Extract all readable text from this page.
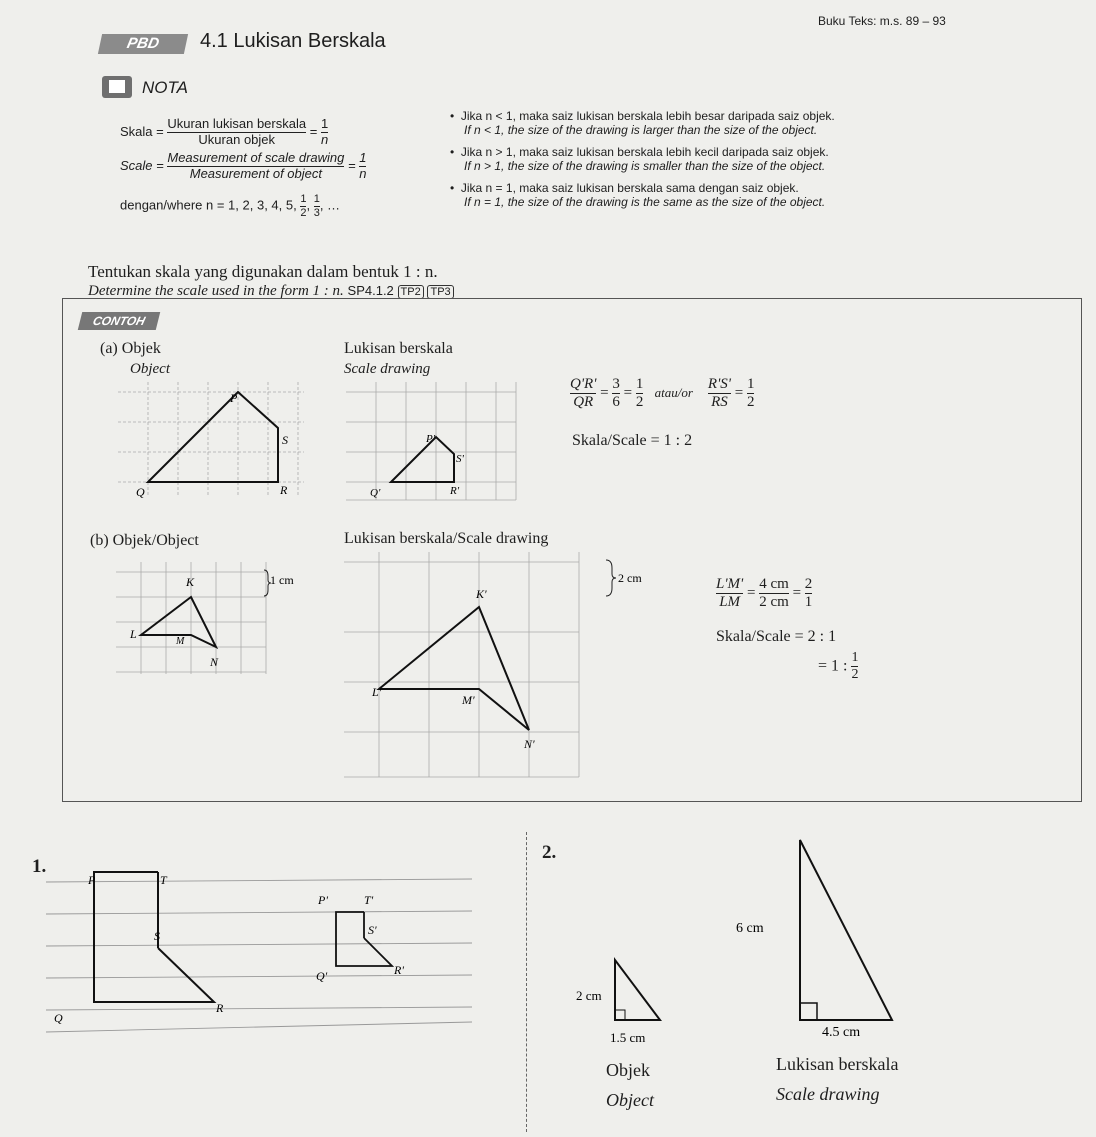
PBD	4.1 Lukisan Berskala
Buku Teks: m.s. 89 – 93
NOTA
Skala = $\frac{\text{Ukuran lukisan berskala}}{\text{Ukuran objek}} = \frac{1}{n}$
Scale = $\frac{\text{Measurement of scale drawing}}{\text{Measurement of object}} = \frac{1}{n}$
dengan/where n = 1, 2, 3, 4, 5, $\frac{1}{2}$ , $\frac{1}{3}$ , …
•  Jika n < 1, maka saiz lukisan berskala lebih besar daripada saiz objek.
If n < 1, the size of the drawing is larger than the size of the object.
•  Jika n > 1, maka saiz lukisan berskala lebih kecil daripada saiz objek.
If n > 1, the size of the drawing is smaller than the size of the object.
•  Jika n = 1, maka saiz lukisan berskala sama dengan saiz objek.
If n = 1, the size of the drawing is the same as the size of the object.
Tentukan skala yang digunakan dalam bentuk 1 : n.
Determine the scale used in the form 1 : n. SP4.1.2 TP2 TP3
CONTOH
(a) Objek
Object
Lukisan berskala
Scale drawing
P
S
Q	R
P'
S'
Q'	R'
$\frac{Q'R'}{QR} = \frac{3}{6} = \frac{1}{2}$ atau/or $\frac{R'S'}{RS} = \frac{1}{2}$
Skala/Scale = 1 : 2
(b) Objek/Object	Lukisan berskala/Scale drawing
K
L
M
N
1 cm
K'
L'
M'
N'
2 cm	$\frac{L'M'}{LM} = \frac{4 cm}{2 cm} = \frac{2}{1}$
Skala/Scale = 2 : 1
= 1 : $\frac{1}{2}$
1.
P	T
S
Q
R
P'	T'
S'
Q'	R'
2.
2 cm
1.5 cm
6 cm
4.5 cm
Objek
Object
Lukisan berskala
Scale drawing
